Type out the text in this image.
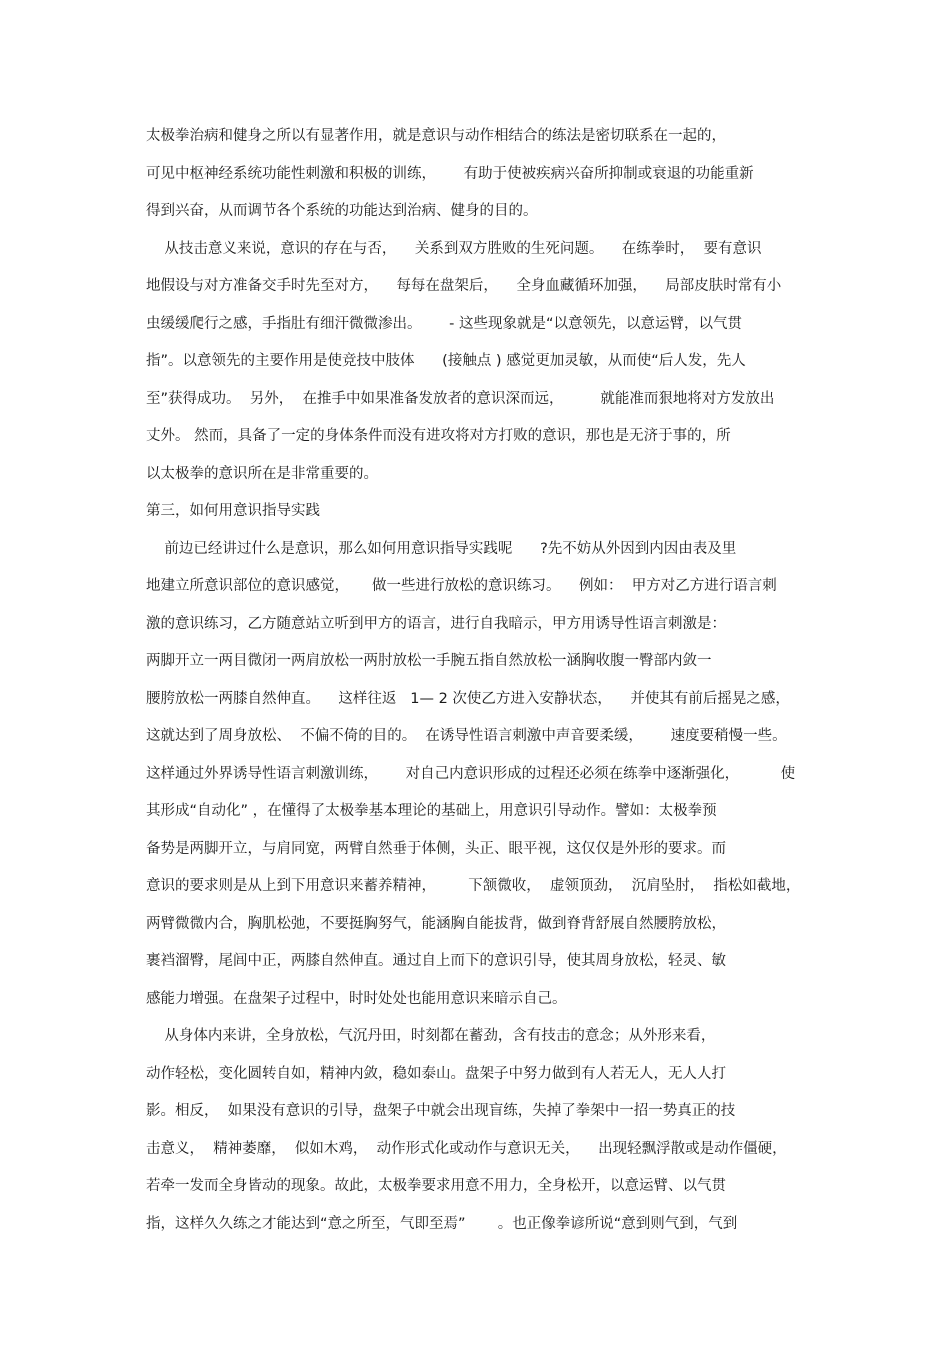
太极拳治病和健身之所以有显著作用，就是意识与动作相结合的练法是密切联系在一起的，
可见中枢神经系统功能性刺激和积极的训练，      有助于使被疾病兴奋所抑制或衰退的功能重新
得到兴奋，从而调节各个系统的功能达到治病、健身的目的。
从技击意义来说，意识的存在与否，    关系到双方胜败的生死问题。    在练拳时，  要有意识
地假设与对方准备交手时先至对方，    每每在盘架后，    全身血藏循环加强，    局部皮肤时常有小
虫缓缓爬行之感，手指肚有细汗微微渗出。      - 这些现象就是“以意领先，以意运臂，以气贯
指”。以意领先的主要作用是使竞技中肢体      (接触点 ) 感觉更加灵敏，从而使“后人发，先人
至”获得成功。  另外，  在推手中如果准备发放者的意识深而远，        就能准而狠地将对方发放出
丈外。 然而，具备了一定的身体条件而没有进攻将对方打败的意识，那也是无济于事的，所
以太极拳的意识所在是非常重要的。
第三，如何用意识指导实践
前边已经讲过什么是意识，那么如何用意识指导实践呢      ?先不妨从外因到内因由表及里
地建立所意识部位的意识感觉，     做一些进行放松的意识练习。    例如：  甲方对乙方进行语言刺
激的意识练习，乙方随意站立听到甲方的语言，进行自我暗示，甲方用诱导性语言刺激是：
两脚开立一两目微闭一两肩放松一两肘放松一手腕五指自然放松一涵胸收腹一臀部内敛一
腰胯放松一两膝自然伸直。    这样往返   1— 2 次使乙方进入安静状态，    并使其有前后摇晃之感，
这就达到了周身放松、  不偏不倚的目的。  在诱导性语言刺激中声音要柔缓，      速度要稍慢一些。
这样通过外界诱导性语言刺激训练，      对自己内意识形成的过程还必须在练拳中逐渐强化，         使
其形成“自动化” ，在懂得了太极拳基本理论的基础上，用意识引导动作。譬如：太极拳预
备势是两脚开立，与肩同宽，两臂自然垂于体侧，头正、眼平视，这仅仅是外形的要求。而
意识的要求则是从上到下用意识来蓄养精神，       下颔微收，  虚领顶劲，  沉肩坠肘，  指松如截地，
两臂微微内合，胸肌松弛，不要挺胸努气，能涵胸自能拔背，做到脊背舒展自然腰胯放松，
裹裆溜臀，尾闾中正，两膝自然伸直。通过自上而下的意识引导，使其周身放松，轻灵、敏
感能力增强。在盘架子过程中，时时处处也能用意识来暗示自己。
从身体内来讲，全身放松，气沉丹田，时刻都在蓄劲，含有技击的意念；从外形来看，
动作轻松，变化圆转自如，精神内敛，稳如泰山。盘架子中努力做到有人若无人，无人人打
影。相反，  如果没有意识的引导，盘架子中就会出现盲练，失掉了拳架中一招一势真正的技
击意义，  精神萎靡，  似如木鸡，  动作形式化或动作与意识无关，    出现轻飘浮散或是动作僵硬，
若牵一发而全身皆动的现象。故此，太极拳要求用意不用力，全身松开，以意运臂、以气贯
指，这样久久练之才能达到“意之所至，气即至焉”       。也正像拳谚所说“意到则气到，气到
